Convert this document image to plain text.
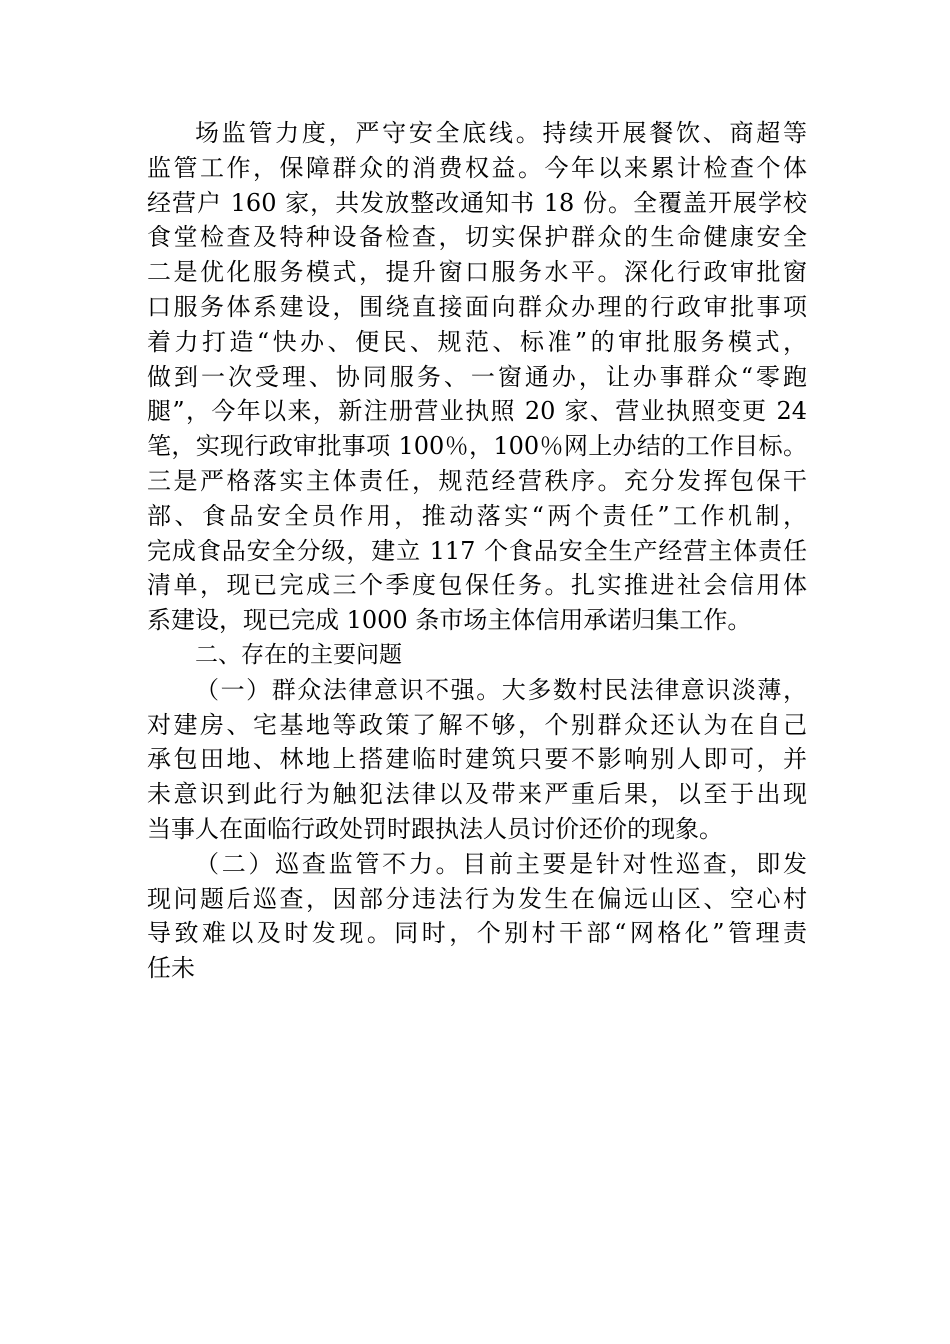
场监管力度，严守安全底线。持续开展餐饮、商超等
监管工作，保障群众的消费权益。今年以来累计检查个体
经营户 160 家，共发放整改通知书 18 份。全覆盖开展学校
食堂检查及特种设备检查，切实保护群众的生命健康安全
二是优化服务模式，提升窗口服务水平。深化行政审批窗
口服务体系建设，围绕直接面向群众办理的行政审批事项
着力打造“快办、便民、规范、标准”的审批服务模式，
做到一次受理、协同服务、一窗通办，让办事群众“零跑
腿”，今年以来，新注册营业执照 20 家、营业执照变更 24
笔，实现行政审批事项 100％，100％网上办结的工作目标。
三是严格落实主体责任，规范经营秩序。充分发挥包保干
部、食品安全员作用，推动落实“两个责任”工作机制，
完成食品安全分级，建立 117 个食品安全生产经营主体责任
清单，现已完成三个季度包保任务。扎实推进社会信用体
系建设，现已完成 1000 条市场主体信用承诺归集工作。
二、存在的主要问题
（一）群众法律意识不强。大多数村民法律意识淡薄，
对建房、宅基地等政策了解不够，个别群众还认为在自己
承包田地、林地上搭建临时建筑只要不影响别人即可，并
未意识到此行为触犯法律以及带来严重后果，以至于出现
当事人在面临行政处罚时跟执法人员讨价还价的现象。
（二）巡查监管不力。目前主要是针对性巡查，即发
现问题后巡查，因部分违法行为发生在偏远山区、空心村
导致难以及时发现。同时，个别村干部“网格化”管理责
任未
